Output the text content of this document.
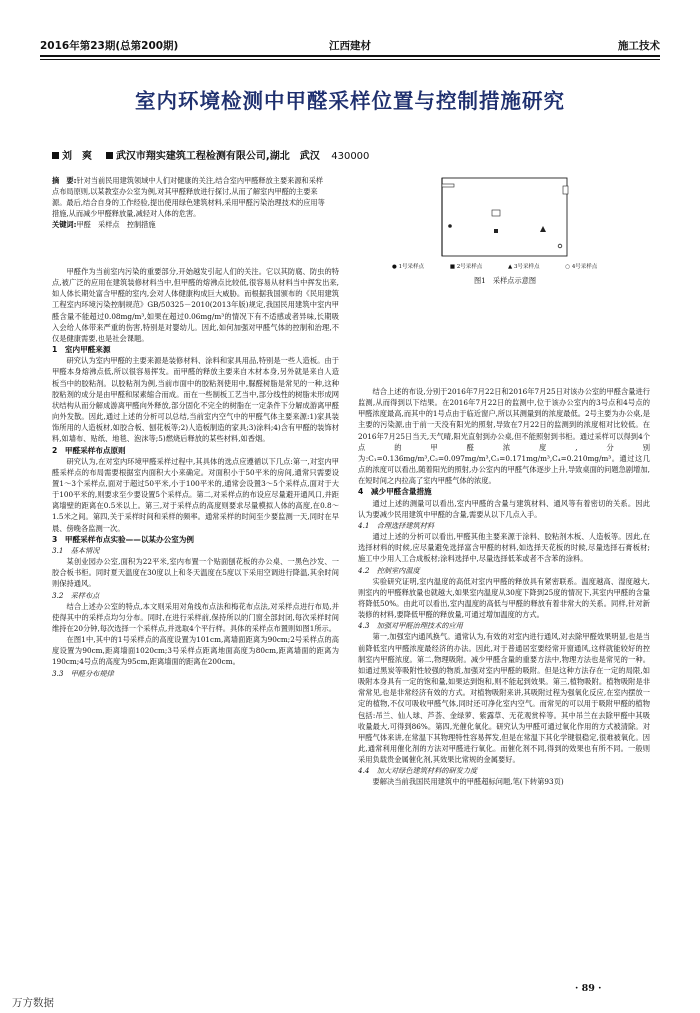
2016年第23期(总第200期)	江西建材	施工技术
室内环境检测中甲醛采样位置与控制措施研究
刘　爽 武汉市翔实建筑工程检测有限公司,湖北　武汉 430000

摘　要:针对当前民用建筑领域中人们对健康的关注,结合室内甲醛释放主要来源和采样点布局原则,以某教室办公室为例,对其甲醛释放进行探讨,从而了解室内甲醛的主要来源。最后,结合自身的工作经验,提出使用绿色建筑材料,采用甲醛污染治理技术的应用等措施,从而减少甲醛释放量,减轻对人体的危害。

关键词:甲醛　采样点　控制措施

● 1号采样点	■ 2号采样点	▲ 3号采样点	○ 4号采样点
图1　采样点示意图

甲醛作为当前室内污染的重要部分,开始越发引起人们的关注。它以其防腐、防虫的特点,被广泛的应用在建筑装修材料当中,但甲醛的熔沸点比较低,很容易从材料当中挥发出来,如人体长期处富含甲醛的室内,会对人体健康构成巨大威胁。而根据我国颁布的《民用建筑工程室内环境污染控制规范》GB/50325－2010(2013年版)规定,我国民用建筑中室内甲醛含量不能超过0.08mg/m³,如果在超过0.06mg/m³的情况下有不适感或者异味,长期吸入会给人体带来严重的伤害,特别是对婴幼儿。因此,如何加强对甲醛气体的控制和治理,不仅是健康需要,也是社会课题。

1　室内甲醛来源

研究认为室内甲醛的主要来源是装修材料、涂料和家具用品,特别是一些人造板。由于甲醛本身熔沸点低,所以很容易挥发。而甲醛的释放主要来自木材本身,另外就是来自人造板当中的胶粘剂。以胶粘剂为例,当前市面中的胶粘剂使用中,脲醛树脂是常见的一种,这种胶粘剂的成分是由甲醛和尿素缩合而成。而在一些制板工艺当中,部分线性的树脂未形成网状结构从而分解成游离甲醛向外释放,部分固化不完全的树脂在一定条件下分解成游离甲醛向外发散。因此,通过上述的分析可以总结,当前室内空气中的甲醛气体主要来源:1)家具装饰所用的人造板材,如胶合板、刨花板等;2)人造板制造的家具;3)涂料;4)含有甲醛的装饰材料,如墙布、贴纸、地毯、泡沫等;5)燃烧后释放的某些材料,如香烟。

2　甲醛采样布点原则

研究认为,在对室内环境甲醛采样过程中,其具体的选点应遵循以下几点:第一,对室内甲醛采样点的布局需要根据室内面积大小来确定。对面积小于50平米的房间,通常只需要设置1～3个采样点,面对于超过50平米,小于100平米的,通常会设置3～5个采样点,面对于大于100平米的,则要求至少要设置5个采样点。第二,对采样点的布设应尽量避开通风口,并距离墙壁的距离在0.5米以上。第三,对于采样点的高度则要求尽量模拟人体的高度,在0.8～1.5米之间。第四,关于采样时间和采样的频率。通常采样的时间至少要监测一天,同时在早晨、傍晚各监测一次。

3　甲醛采样布点实验——以某办公室为例

3.1　基本情况

某创业园办公室,面积为22平米,室内布置一个贴面刨花板的办公桌、一黑色沙发、一胶合板书柜。同时夏天温度在30度以上和冬天温度在5度以下采用空调进行降温,其余时间则保持通风。

3.2　采样布点

结合上述办公室的特点,本文则采用对角线布点法和梅花布点法,对采样点进行布局,并使得其中的采样点均匀分布。同时,在进行采样前,保持所以的门窗全部封闭,每次采样时间维持在20分钟,每次选择一个采样点,并选取4个平行样。具体的采样点布置则如图1所示。

在图1中,其中的1号采样点的高度设置为101cm,离墙面距离为90cm;2号采样点的高度设置为90cm,距离墙面1020cm;3号采样点距离地面高度为80cm,距离墙面的距离为190cm;4号点的高度为95cm,距离墙面的距离在200cm。

3.3　甲醛分布规律

结合上述的布设,分别于2016年7月22日和2016年7月25日对该办公室的甲醛含量进行监测,从而得到以下结果。在2016年7月22日的监测中,位于该办公室内的3号点和4号点的甲醛浓度最高,而其中的1号点由于临近窗户,所以其测量到的浓度最低。2号主要为办公桌,是主要的污染源,由于前一天没有阳光的照射,导致在7月22日的监测到的浓度相对比较低。在2016年7月25日当天,天气晴,阳光直射到办公桌,但不能照射到书柜。通过采样可以得到4个点的甲醛浓度,分别为:C₁=0.136mg/m³,C₂=0.097mg/m³,C₃=0.171mg/m³,C₄=0.210mg/m³。通过这几点的浓度可以看出,随着阳光的照射,办公室内的甲醛气体逐步上升,导致桌面的问题急剧增加,在短时间之内拉高了室内甲醛气体的浓度。

4　减少甲醛含量措施

通过上述的测量可以看出,室内甲醛的含量与建筑材料、通风等有着密切的关系。因此认为要减少民用建筑中甲醛的含量,需要从以下几点入手。

4.1　合理选择建筑材料

通过上述的分析可以看出,甲醛其他主要来源于涂料、胶粘剂木板、人造板等。因此,在选择材料的时候,应尽量避免选择富含甲醛的材料,如选择天花板的时候,尽量选择石膏板材;施工中少用人工合成板材;涂料选择中,尽量选择低苯或者不含苯的涂料。

4.2　控制室内温度

实验研究证明,室内温度的高低对室内甲醛的释放具有紧密联系。温度越高、湿度越大,则室内的甲醛释放量也就越大,如果室内温度从30度下降到25度的情况下,其室内甲醛的含量将降低50%。由此可以看出,室内温度的高低与甲醛的释放有着非常大的关系。同样,针对新装修的材料,要降低甲醛的释放量,可通过增加温度的方式。

4.3　加强对甲醛治理技术的应用

第一,加强室内通风换气。通常认为,有效的对室内进行通风,对去除甲醛效果明显,也是当前降低室内甲醛浓度最经济的办法。因此,对于普通居室要经常开窗通风,这样就能较好的控制室内甲醛浓度。第二,物理吸附。减少甲醛含量的重要方法中,物理方法也是常见的一种。如通过黑炭等吸附性较强的物质,加强对室内甲醛的吸附。但是这种方法存在一定的局限,如吸附本身具有一定的饱和量,如果达到饱和,则不能起到效果。第三,植物吸附。植物吸附是非常常见,也是非常经济有效的方式。对植物吸附来讲,其吸附过程为强氧化反应,在室内摆放一定的植物,不仅可吸收甲醛气体,同时还可净化室内空气。而常见的可以用于吸附甲醛的植物包括:吊兰、仙人球、芦荟、金绿萝、紫露草、无花观赏梓等。其中吊兰在去除甲醛中其吸收量最大,可得到86%。第四,光催化氧化。研究认为甲醛可通过氧化作用的方式被清除。对甲醛气体来讲,在常温下其物理特性容易挥发,但是在常温下其化学键很稳定,很难被氧化。因此,通常利用催化剂的方法对甲醛进行氧化。而催化剂不同,得到的效果也有所不同。一般则采用负载贵金属催化剂,其效果比常规的金属要好。

4.4　加大对绿色建筑材料的研发力度

要解决当前我国民用建筑中的甲醛超标问题,笔(下转第93页)

· 89 ·
万方数据
